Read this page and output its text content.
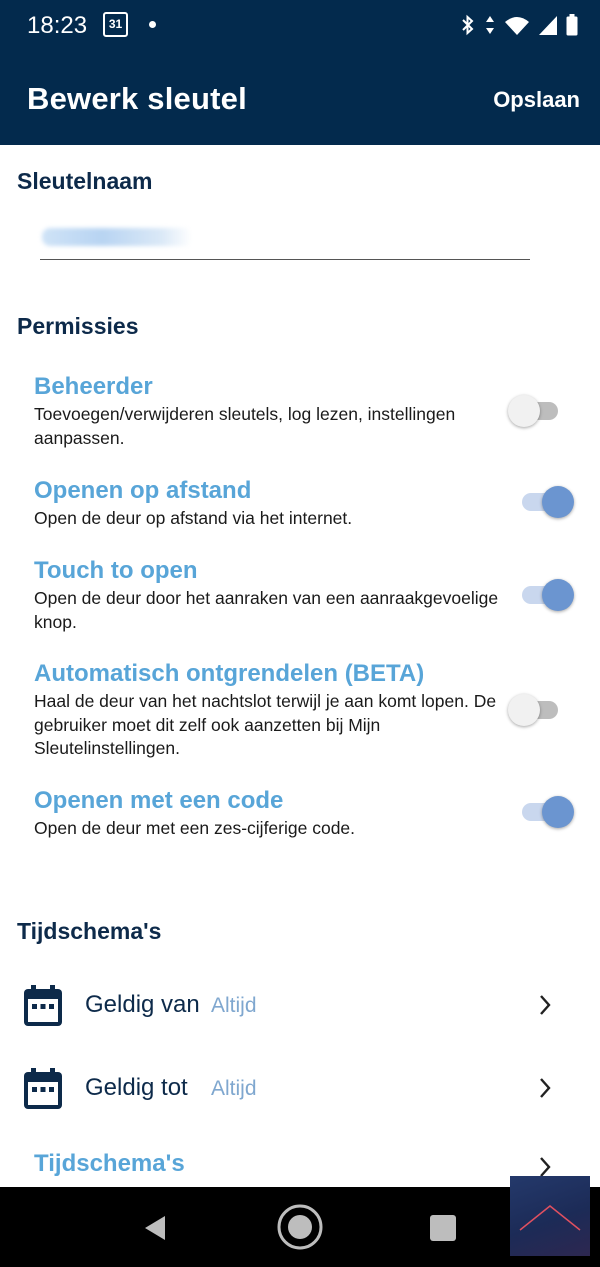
18:23	31
Bewerk sleutel	Opslaan
Sleutelnaam
Permissies
Beheerder
Toevoegen/verwijderen sleutels, log lezen, instellingen aanpassen.
Openen op afstand
Open de deur op afstand via het internet.
Touch to open
Open de deur door het aanraken van een aanraakgevoelige knop.
Automatisch ontgrendelen (BETA)
Haal de deur van het nachtslot terwijl je aan komt lopen. De gebruiker moet dit zelf ook aanzetten bij Mijn Sleutelinstellingen.
Openen met een code
Open de deur met een zes-cijferige code.
Tijdschema's
Geldig van Altijd
Geldig tot Altijd
Tijdschema's
